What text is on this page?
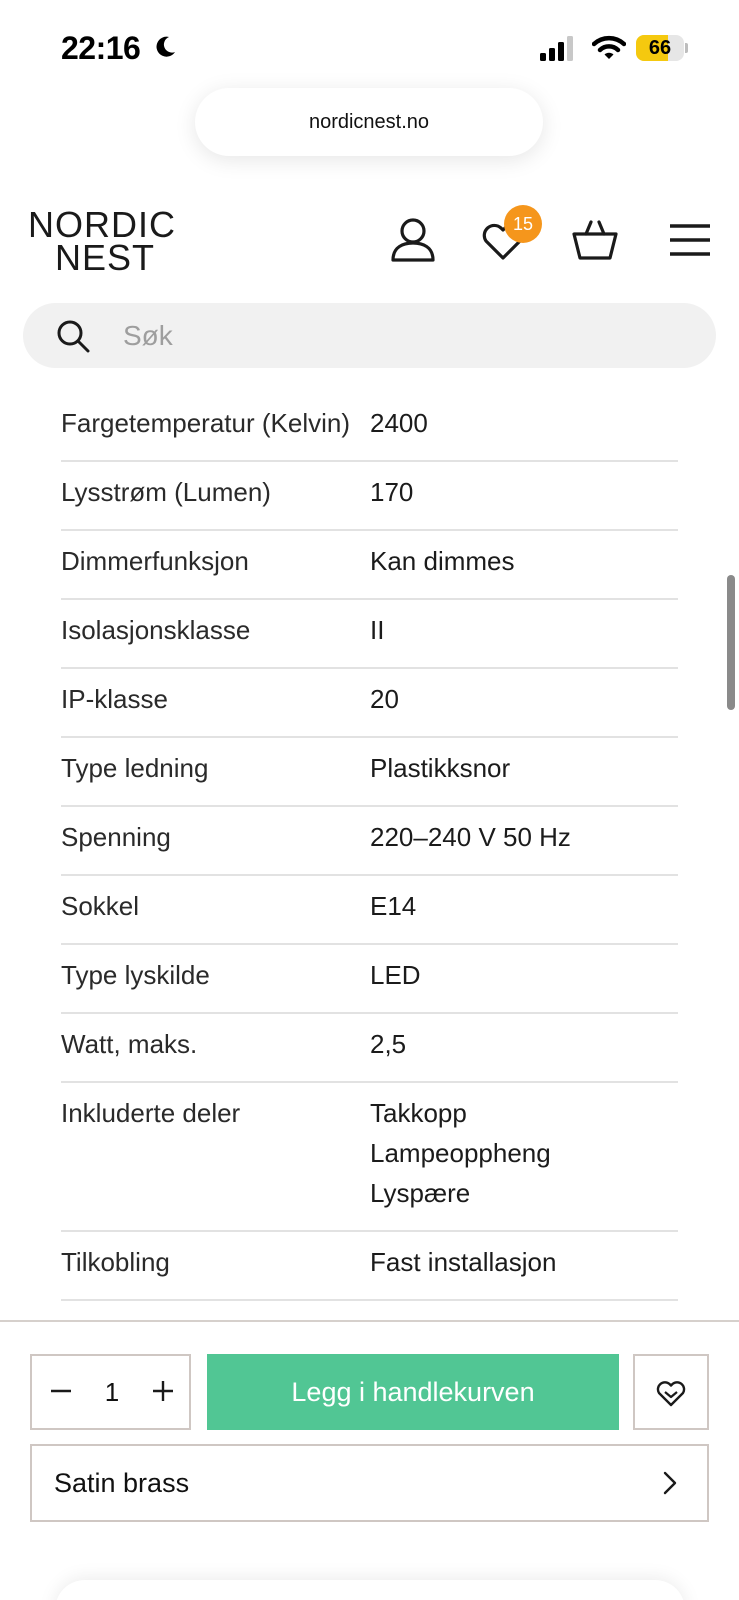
22:16	66
nordicnest.no
NORDIC
NEST
15
Søk
Fargetemperatur (Kelvin) 2400
Lysstrøm (Lumen)	170
Dimmerfunksjon	Kan dimmes
Isolasjonsklasse	II
IP-klasse	20
Type ledning	Plastikksnor
Spenning	220–240 V 50 Hz
Sokkel	E14
Type lyskilde	LED
Watt, maks.	2,5
Inkluderte deler	Takkopp
Lampeoppheng
Lyspære
Tilkobling	Fast installasjon
1	Legg i handlekurven
Satin brass
